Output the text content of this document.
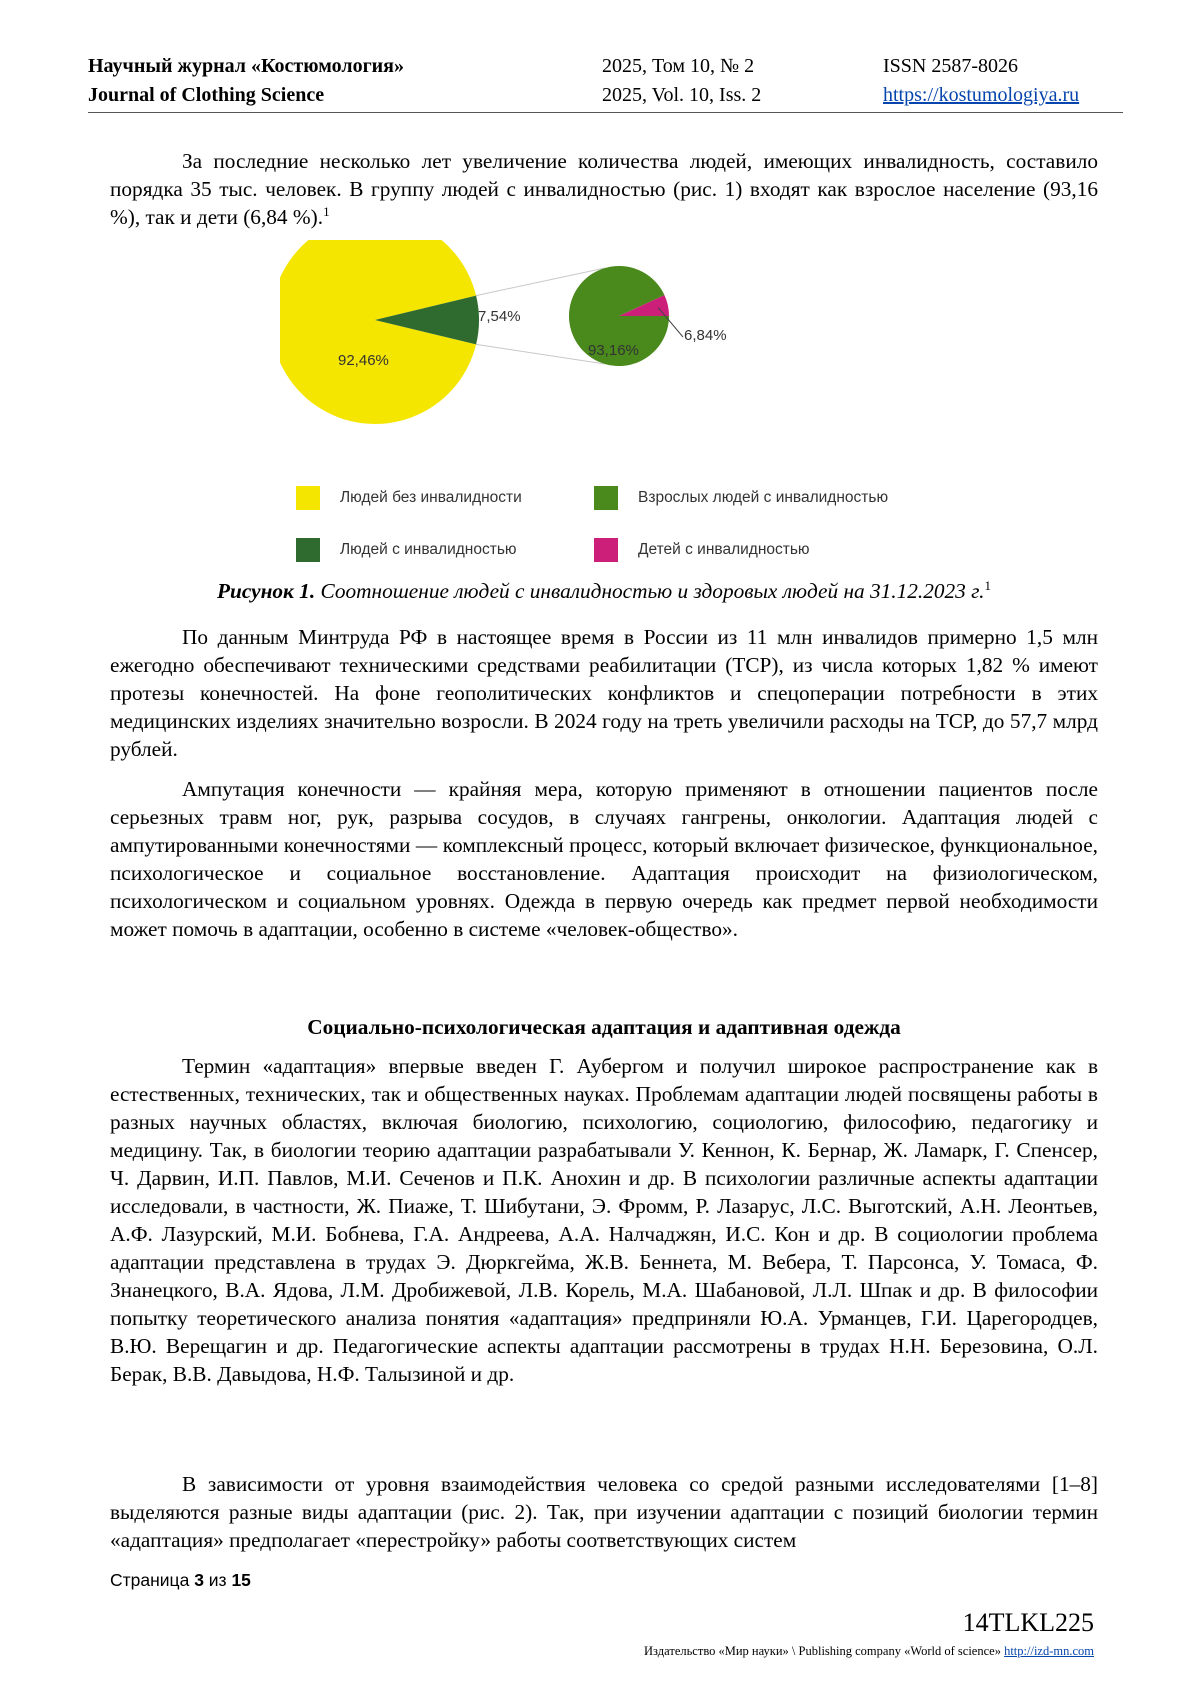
Научный журнал «Костюмология»
Journal of Clothing Science
2025, Том 10, № 2
2025, Vol. 10, Iss. 2
ISSN 2587-8026
https://kostumologiya.ru

За последние несколько лет увеличение количества людей, имеющих инвалидность, составило порядка 35 тыс. человек. В группу людей с инвалидностью (рис. 1) входят как взрослое население (93,16 %), так и дети (6,84 %).$^1$

92,46%
7,54%
93,16%
6,84%
Людей без инвалидности	Взрослых людей с инвалидностью
Людей с инвалидностью	Детей с инвалидностью
Рисунок 1. Соотношение людей с инвалидностью и здоровых людей на 31.12.2023 г.$^1$

По данным Минтруда РФ в настоящее время в России из 11 млн инвалидов примерно 1,5 млн ежегодно обеспечивают техническими средствами реабилитации (ТСР), из числа которых 1,82 % имеют протезы конечностей. На фоне геополитических конфликтов и спецоперации потребности в этих медицинских изделиях значительно возросли. В 2024 году на треть увеличили расходы на ТСР, до 57,7 млрд рублей.

Ампутация конечности — крайняя мера, которую применяют в отношении пациентов после серьезных травм ног, рук, разрыва сосудов, в случаях гангрены, онкологии. Адаптация людей с ампутированными конечностями — комплексный процесс, который включает физическое, функциональное, психологическое и социальное восстановление. Адаптация происходит на физиологическом, психологическом и социальном уровнях. Одежда в первую очередь как предмет первой необходимости может помочь в адаптации, особенно в системе «человек-общество».

Социально-психологическая адаптация и адаптивная одежда

Термин «адаптация» впервые введен Г. Аубергом и получил широкое распространение как в естественных, технических, так и общественных науках. Проблемам адаптации людей посвящены работы в разных научных областях, включая биологию, психологию, социологию, философию, педагогику и медицину. Так, в биологии теорию адаптации разрабатывали У. Кеннон, К. Бернар, Ж. Ламарк, Г. Спенсер, Ч. Дарвин, И.П. Павлов, М.И. Сеченов и П.К. Анохин и др. В психологии различные аспекты адаптации исследовали, в частности, Ж. Пиаже, Т. Шибутани, Э. Фромм, Р. Лазарус, Л.С. Выготский, А.Н. Леонтьев, А.Ф. Лазурский, М.И. Бобнева, Г.А. Андреева, А.А. Налчаджян, И.С. Кон и др. В социологии проблема адаптации представлена в трудах Э. Дюркгейма, Ж.В. Беннета, М. Вебера, Т. Парсонса, У. Томаса, Ф. Знанецкого, В.А. Ядова, Л.М. Дробижевой, Л.В. Корель, М.А. Шабановой, Л.Л. Шпак и др. В философии попытку теоретического анализа понятия «адаптация» предприняли Ю.А. Урманцев, Г.И. Царегородцев, В.Ю. Верещагин и др. Педагогические аспекты адаптации рассмотрены в трудах Н.Н. Березовина, О.Л. Берак, В.В. Давыдова, Н.Ф. Талызиной и др.

В зависимости от уровня взаимодействия человека со средой разными исследователями [1–8] выделяются разные виды адаптации (рис. 2). Так, при изучении адаптации с позиций биологии термин «адаптация» предполагает «перестройку» работы соответствующих систем

Страница 3 из 15
14TLKL225
Издательство «Мир науки» \ Publishing company «World of science» http://izd-mn.com
